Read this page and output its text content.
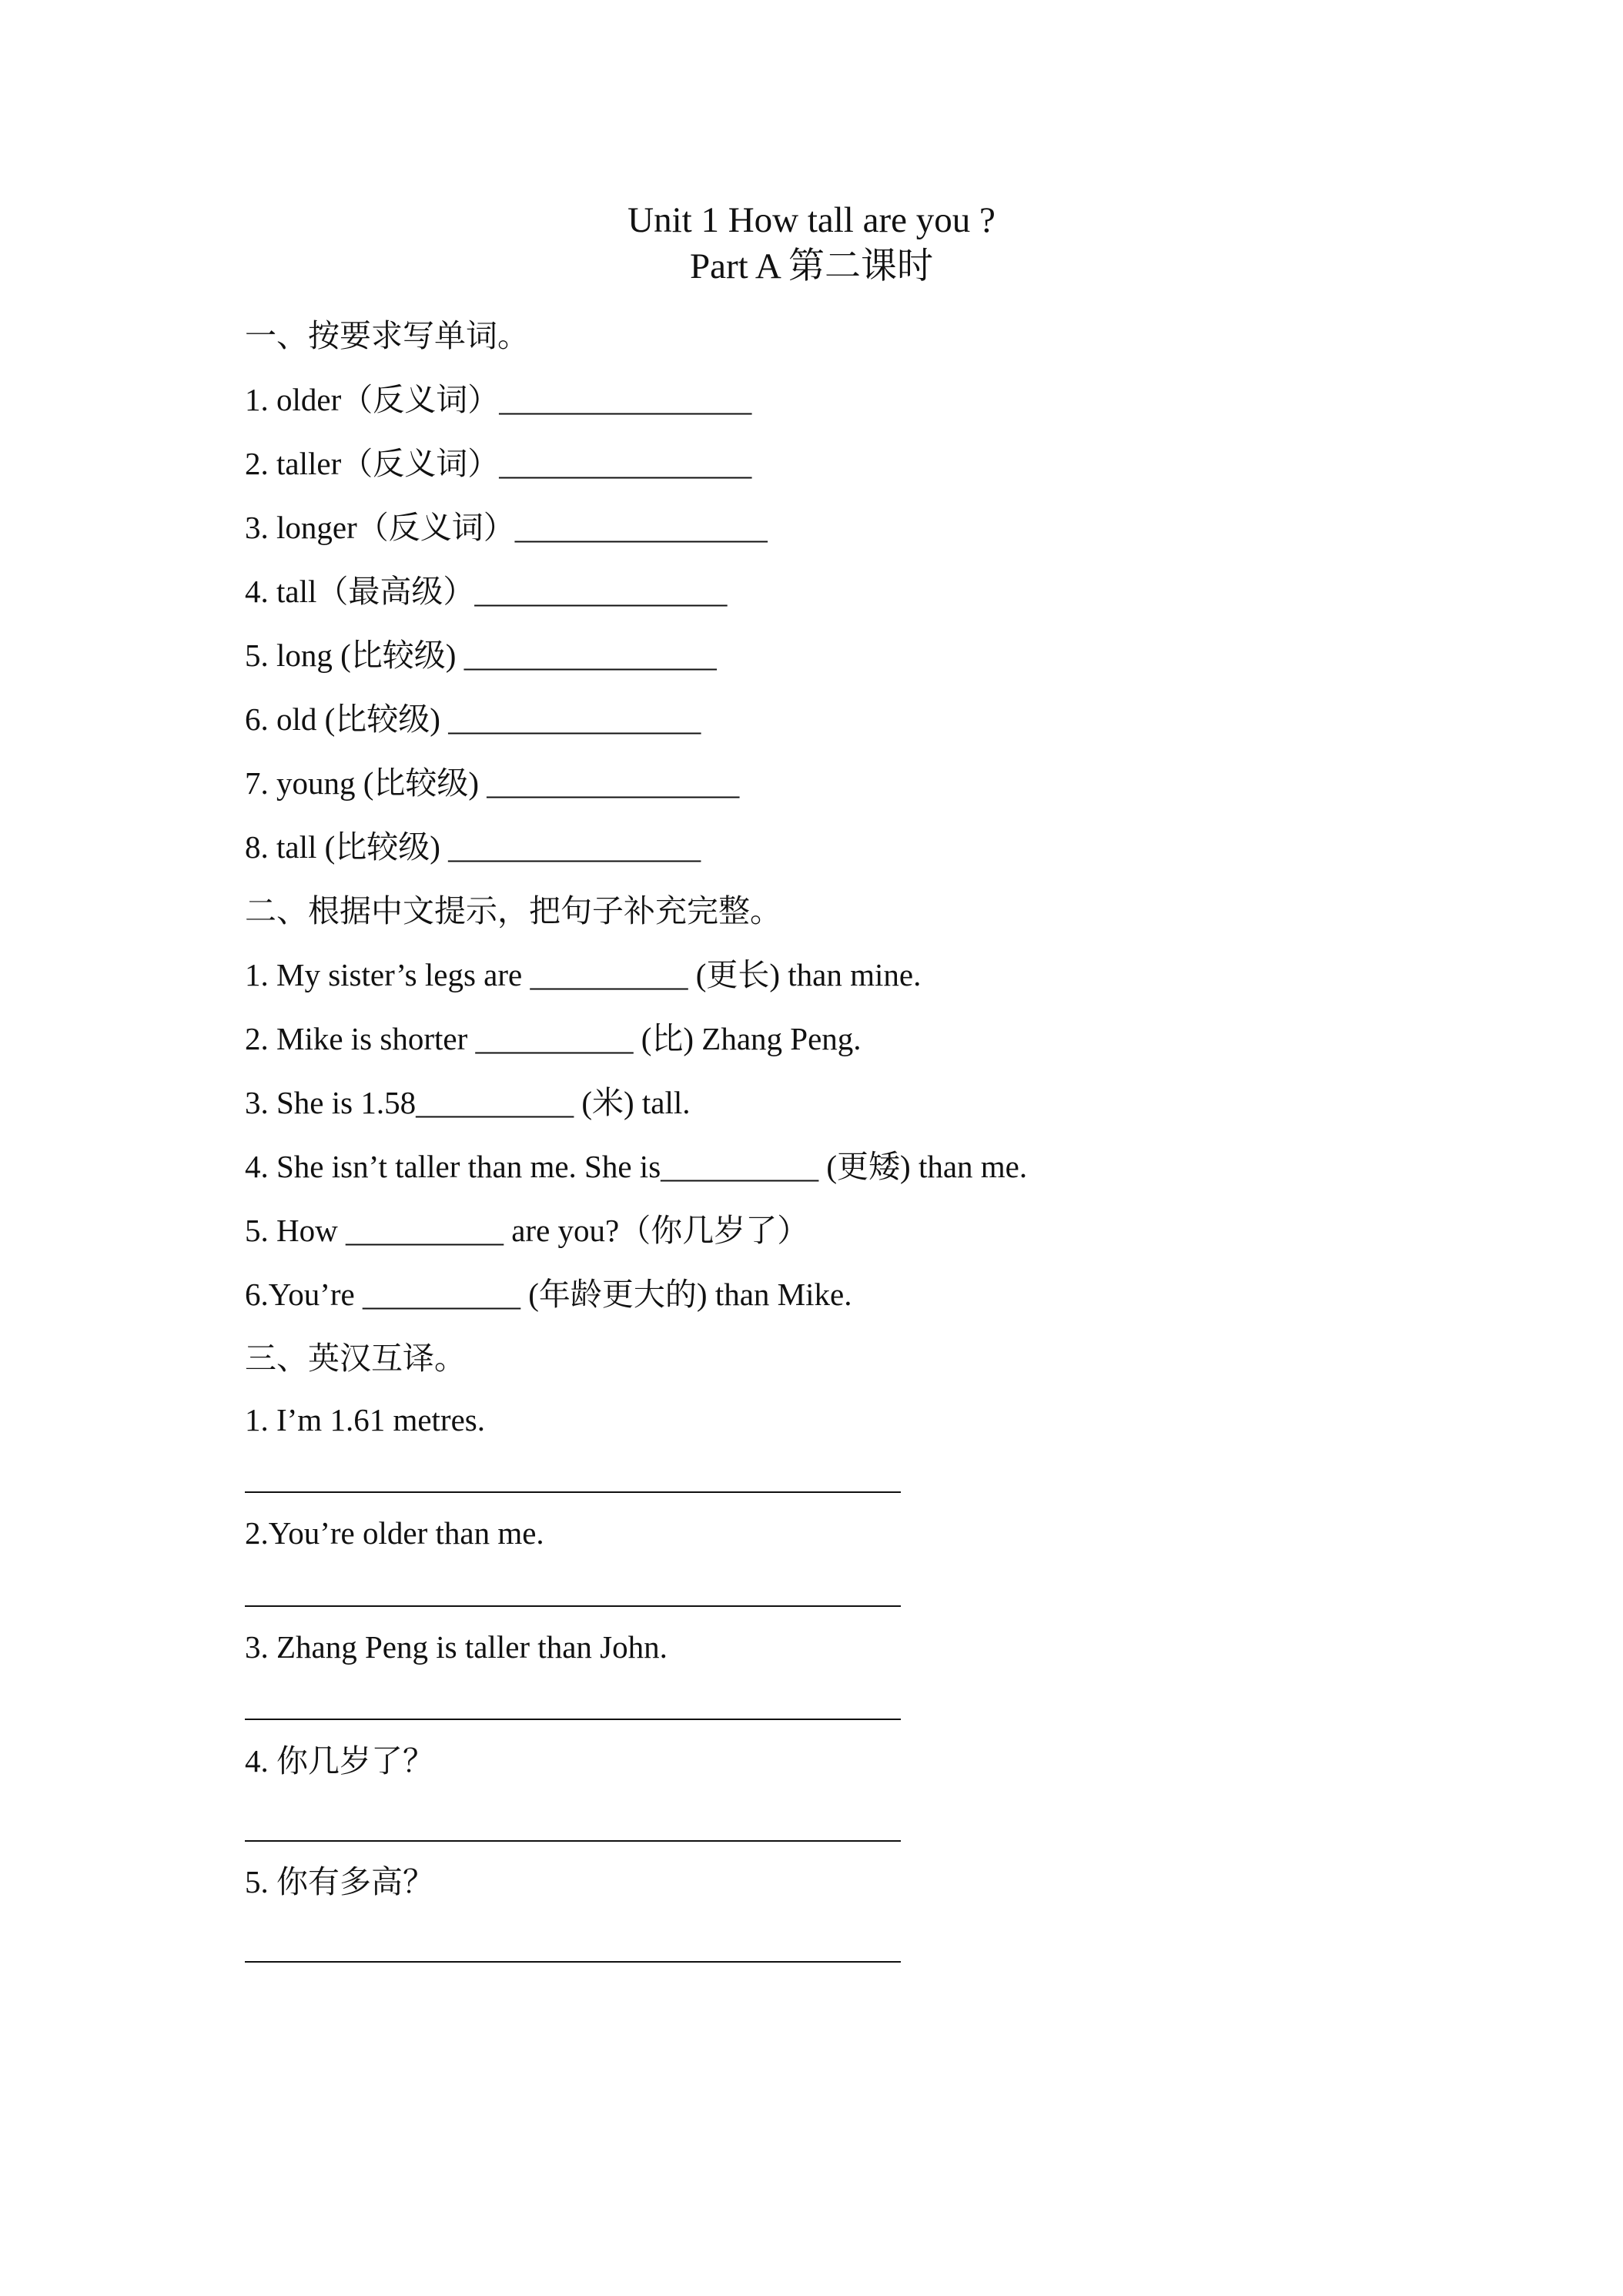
Unit 1 How tall are you ?
Part A 第二课时
一、按要求写单词。
1. older（反义词）________________
2. taller（反义词）________________
3. longer（反义词）________________
4. tall（最高级）________________
5. long (比较级) ________________
6. old (比较级) ________________
7. young (比较级) ________________
8. tall (比较级) ________________
二、根据中文提示，把句子补充完整。
1. My sister’s legs are __________ (更长) than mine.
2. Mike is shorter __________ (比) Zhang Peng.
3. She is 1.58__________ (米) tall.
4. She isn’t taller than me. She is__________ (更矮) than me.
5. How __________ are you?（你几岁了）
6.You’re __________ (年龄更大的) than Mike.
三、英汉互译。
1. I’m 1.61 metres.
2.You’re older than me.
3. Zhang Peng is taller than John.
4. 你几岁了？
5. 你有多高？
